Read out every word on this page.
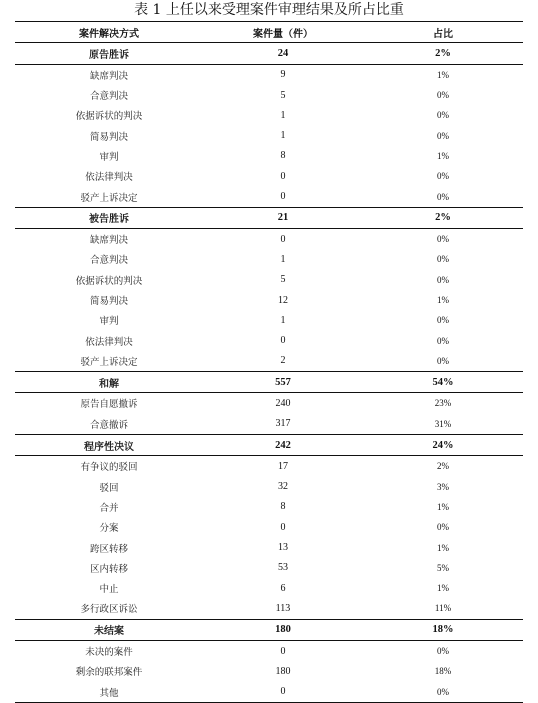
表 1 上任以来受理案件审理结果及所占比重
案件解决方式	案件量（件）	占比
原告胜诉	24	2%
缺席判决	9	1%
合意判决	5	0%
依据诉状的判决	1	0%
简易判决	1	0%
审判	8	1%
依法律判决	0	0%
驳产上诉决定	0	0%
被告胜诉	21	2%
缺席判决	0	0%
合意判决	1	0%
依据诉状的判决	5	0%
简易判决	12	1%
审判	1	0%
依法律判决	0	0%
驳产上诉决定	2	0%
和解	557	54%
原告自愿撤诉	240	23%
合意撤诉	317	31%
程序性决议	242	24%
有争议的驳回	17	2%
驳回	32	3%
合并	8	1%
分案	0	0%
跨区转移	13	1%
区内转移	53	5%
中止	6	1%
多行政区诉讼	113	11%
未结案	180	18%
未决的案件	0	0%
剩余的联邦案件	180	18%
其他	0	0%
